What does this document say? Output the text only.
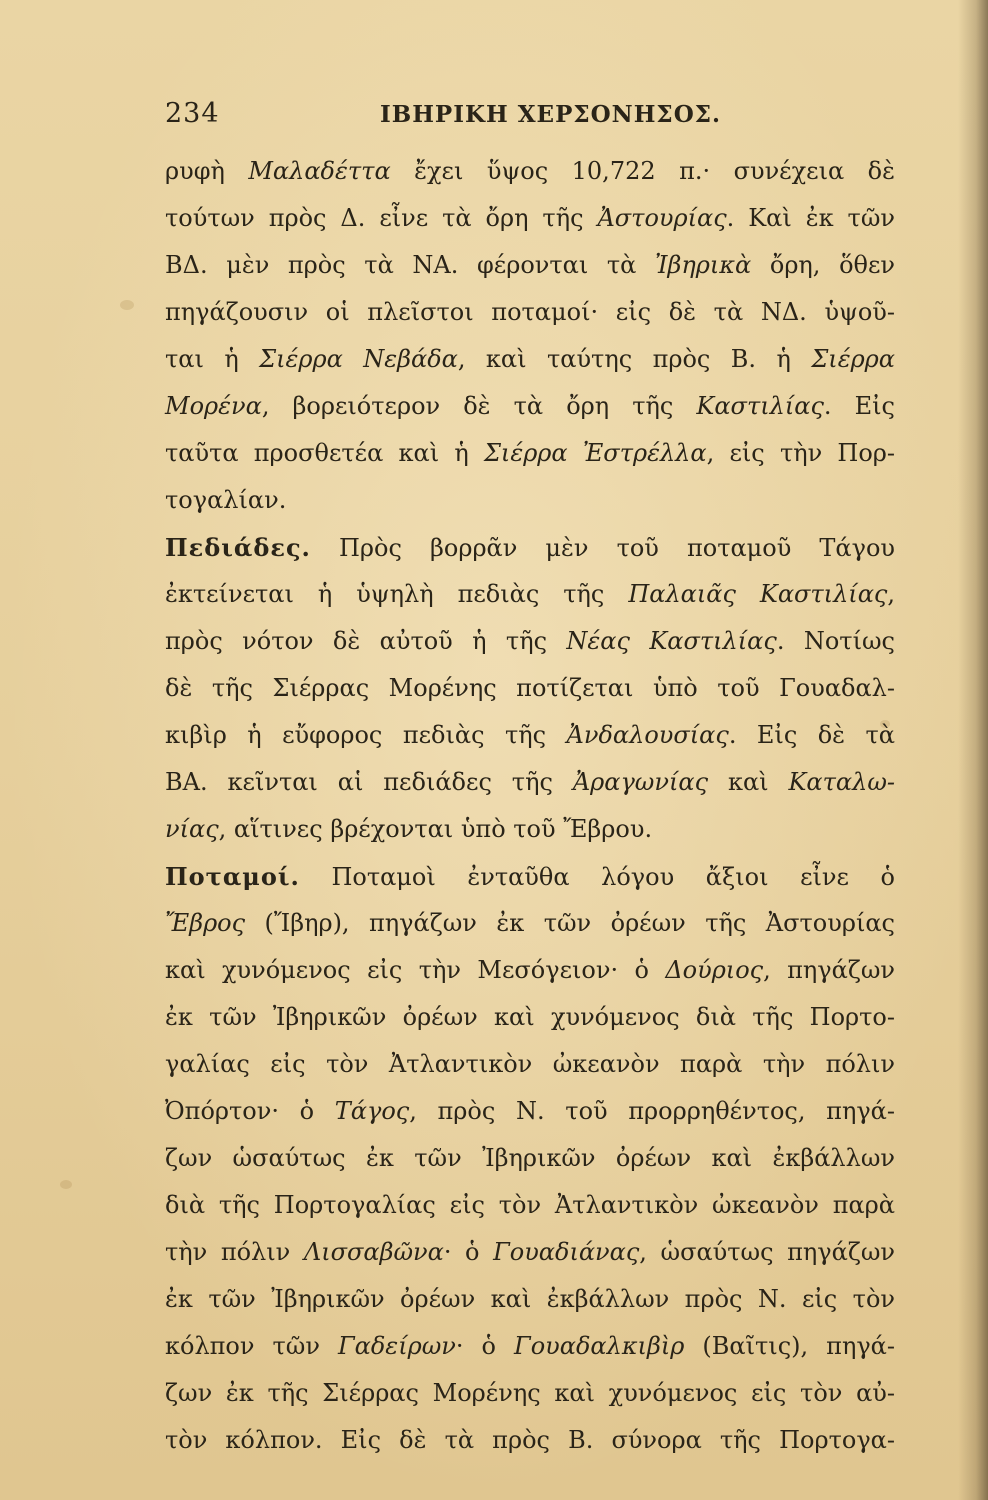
234	ΙΒΗΡΙΚΗ ΧΕΡΣΟΝΗΣΟΣ.
ρυφὴ Μαλαδέττα ἔχει ὕψος 10,722 π.· συνέχεια δὲ
τούτων πρὸς Δ. εἶνε τὰ ὄρη τῆς Ἀστουρίας. Καὶ ἐκ τῶν
ΒΔ. μὲν πρὸς τὰ ΝΑ. φέρονται τὰ Ἰβηρικὰ ὄρη, ὅθεν
πηγάζουσιν οἱ πλεῖστοι ποταμοί· εἰς δὲ τὰ ΝΔ. ὑψοῦ-
ται ἡ Σιέρρα Νεβάδα, καὶ ταύτης πρὸς Β. ἡ Σιέρρα
Μορένα, βορειότερον δὲ τὰ ὄρη τῆς Καστιλίας. Εἰς
ταῦτα προσθετέα καὶ ἡ Σιέρρα Ἐστρέλλα, εἰς τὴν Πορ-
τογαλίαν.
Πεδιάδες. Πρὸς βορρᾶν μὲν τοῦ ποταμοῦ Τάγου
ἐκτείνεται ἡ ὑψηλὴ πεδιὰς τῆς Παλαιᾶς Καστιλίας,
πρὸς νότον δὲ αὐτοῦ ἡ τῆς Νέας Καστιλίας. Νοτίως
δὲ τῆς Σιέρρας Μορένης ποτίζεται ὑπὸ τοῦ Γουαδαλ-
κιβὶρ ἡ εὔφορος πεδιὰς τῆς Ἀνδαλουσίας. Εἰς δὲ τὰ
ΒΑ. κεῖνται αἱ πεδιάδες τῆς Ἀραγωνίας καὶ Καταλω-
νίας, αἵτινες βρέχονται ὑπὸ τοῦ Ἔβρου.
Ποταμοί. Ποταμοὶ ἐνταῦθα λόγου ἄξιοι εἶνε ὁ
Ἔβρος (Ἴβηρ), πηγάζων ἐκ τῶν ὀρέων τῆς Ἀστουρίας
καὶ χυνόμενος εἰς τὴν Μεσόγειον· ὁ Δούριος, πηγάζων
ἐκ τῶν Ἰβηρικῶν ὀρέων καὶ χυνόμενος διὰ τῆς Πορτο-
γαλίας εἰς τὸν Ἀτλαντικὸν ὠκεανὸν παρὰ τὴν πόλιν
Ὀπόρτον· ὁ Τάγος, πρὸς Ν. τοῦ προρρηθέντος, πηγά-
ζων ὡσαύτως ἐκ τῶν Ἰβηρικῶν ὀρέων καὶ ἐκβάλλων
διὰ τῆς Πορτογαλίας εἰς τὸν Ἀτλαντικὸν ὠκεανὸν παρὰ
τὴν πόλιν Λισσαβῶνα· ὁ Γουαδιάνας, ὡσαύτως πηγάζων
ἐκ τῶν Ἰβηρικῶν ὀρέων καὶ ἐκβάλλων πρὸς Ν. εἰς τὸν
κόλπον τῶν Γαδείρων· ὁ Γουαδαλκιβὶρ (Βαῖτις), πηγά-
ζων ἐκ τῆς Σιέρρας Μορένης καὶ χυνόμενος εἰς τὸν αὐ-
τὸν κόλπον. Εἰς δὲ τὰ πρὸς Β. σύνορα τῆς Πορτογα-
